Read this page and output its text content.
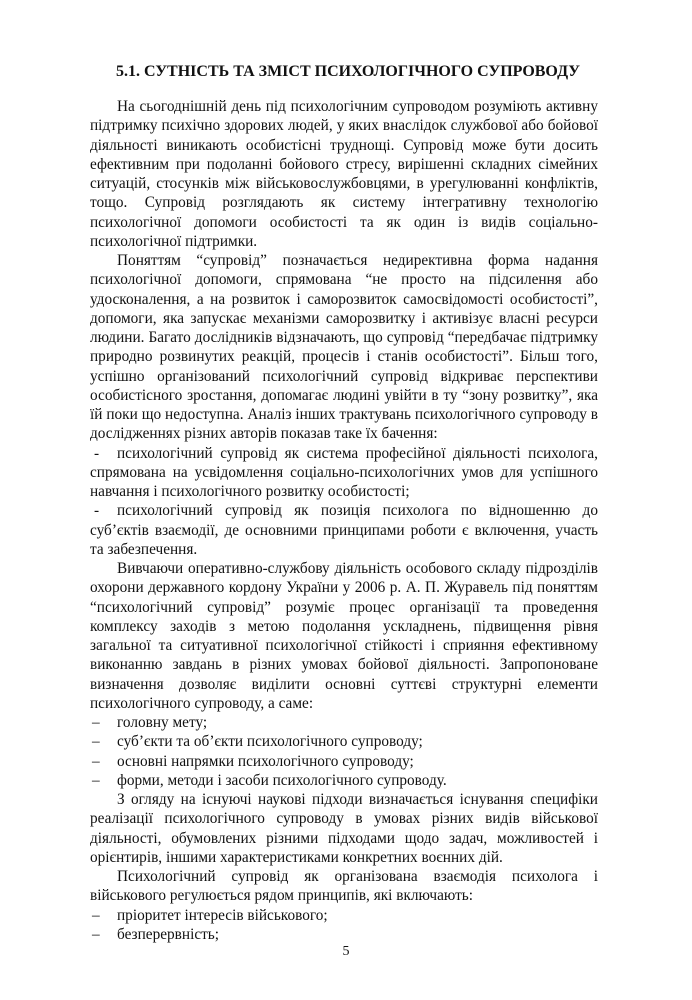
5.1. СУТНІСТЬ ТА ЗМІСТ ПСИХОЛОГІЧНОГО СУПРОВОДУ

На сьогоднішній день під психологічним супроводом розуміють активну підтримку психічно здорових людей, у яких внаслідок службової або бойової діяльності виникають особистісні труднощі. Супровід може бути досить ефективним при подоланні бойового стресу, вирішенні складних сімейних ситуацій, стосунків між військовослужбовцями, в урегулюванні конфліктів, тощо. Супровід розглядають як систему інтегративну технологію психологічної допомоги особистості та як один із видів соціально-психологічної підтримки.

Поняттям “супровід” позначається недирективна форма надання психологічної допомоги, спрямована “не просто на підсилення або удосконалення, а на розвиток і саморозвиток самосвідомості особистості”, допомоги, яка запускає механізми саморозвитку і активізує власні ресурси людини. Багато дослідників відзначають, що супровід “передбачає підтримку природно розвинутих реакцій, процесів і станів особистості”. Більш того, успішно організований психологічний супровід відкриває перспективи особистісного зростання, допомагає людині увійти в ту “зону розвитку”, яка їй поки що недоступна. Аналіз інших трактувань психологічного супроводу в дослідженнях різних авторів показав таке їх бачення:

- психологічний супровід як система професійної діяльності психолога, спрямована на усвідомлення соціально-психологічних умов для успішного навчання і психологічного розвитку особистості;

- психологічний супровід як позиція психолога по відношенню до суб’єктів взаємодії, де основними принципами роботи є включення, участь та забезпечення.

Вивчаючи оперативно-службову діяльність особового складу підрозділів охорони державного кордону України у 2006 р. А. П. Журавель під поняттям “психологічний супровід” розуміє процес організації та проведення комплексу заходів з метою подолання ускладнень, підвищення рівня загальної та ситуативної психологічної стійкості і сприяння ефективному виконанню завдань в різних умовах бойової діяльності. Запропоноване визначення дозволяє виділити основні суттєві структурні елементи психологічного супроводу, а саме:

– головну мету;

– суб’єкти та об’єкти психологічного супроводу;

– основні напрямки психологічного супроводу;

– форми, методи і засоби психологічного супроводу.

З огляду на існуючі наукові підходи визначається існування специфіки реалізації психологічного супроводу в умовах різних видів військової діяльності, обумовлених різними підходами щодо задач, можливостей і орієнтирів, іншими характеристиками конкретних воєнних дій.

Психологічний супровід як організована взаємодія психолога і військового регулюється рядом принципів, які включають:

– пріоритет інтересів військового;

– безперервність;

5
